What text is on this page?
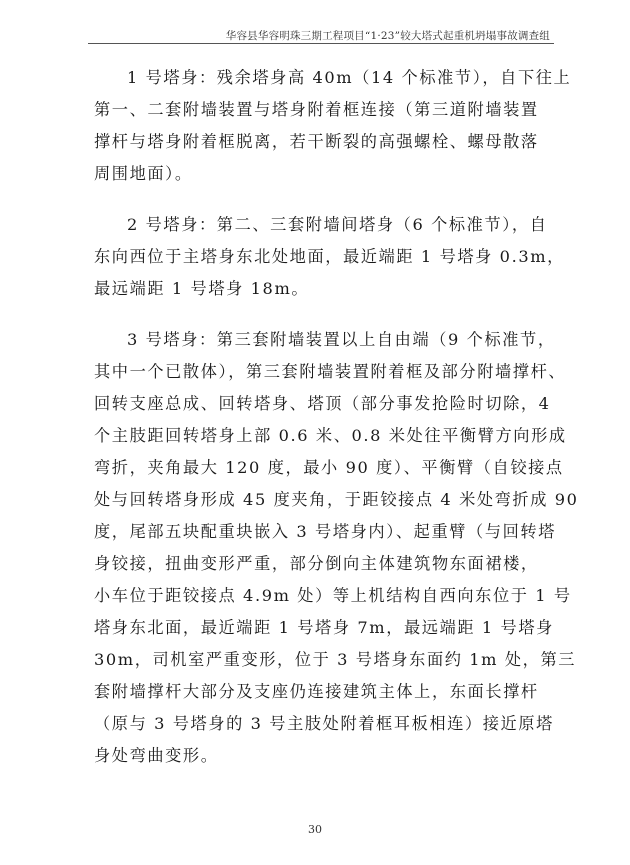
华容县华容明珠三期工程项目“1·23”较大塔式起重机坍塌事故调查组

1 号塔身：残余塔身高 40m（14 个标准节），自下往上
第一、二套附墙装置与塔身附着框连接（第三道附墙装置
撑杆与塔身附着框脱离，若干断裂的高强螺栓、螺母散落
周围地面）。

2 号塔身：第二、三套附墙间塔身（6 个标准节），自
东向西位于主塔身东北处地面，最近端距 1 号塔身 0.3m，
最远端距 1 号塔身 18m。

3 号塔身：第三套附墙装置以上自由端（9 个标准节，
其中一个已散体），第三套附墙装置附着框及部分附墙撑杆、
回转支座总成、回转塔身、塔顶（部分事发抢险时切除，4
个主肢距回转塔身上部 0.6 米、0.8 米处往平衡臂方向形成
弯折，夹角最大 120 度，最小 90 度）、平衡臂（自铰接点
处与回转塔身形成 45 度夹角，于距铰接点 4 米处弯折成 90
度，尾部五块配重块嵌入 3 号塔身内）、起重臂（与回转塔
身铰接，扭曲变形严重，部分倒向主体建筑物东面裙楼，
小车位于距铰接点 4.9m 处）等上机结构自西向东位于 1 号
塔身东北面，最近端距 1 号塔身 7m，最远端距 1 号塔身
30m，司机室严重变形，位于 3 号塔身东面约 1m 处，第三
套附墙撑杆大部分及支座仍连接建筑主体上，东面长撑杆
（原与 3 号塔身的 3 号主肢处附着框耳板相连）接近原塔
身处弯曲变形。

30
